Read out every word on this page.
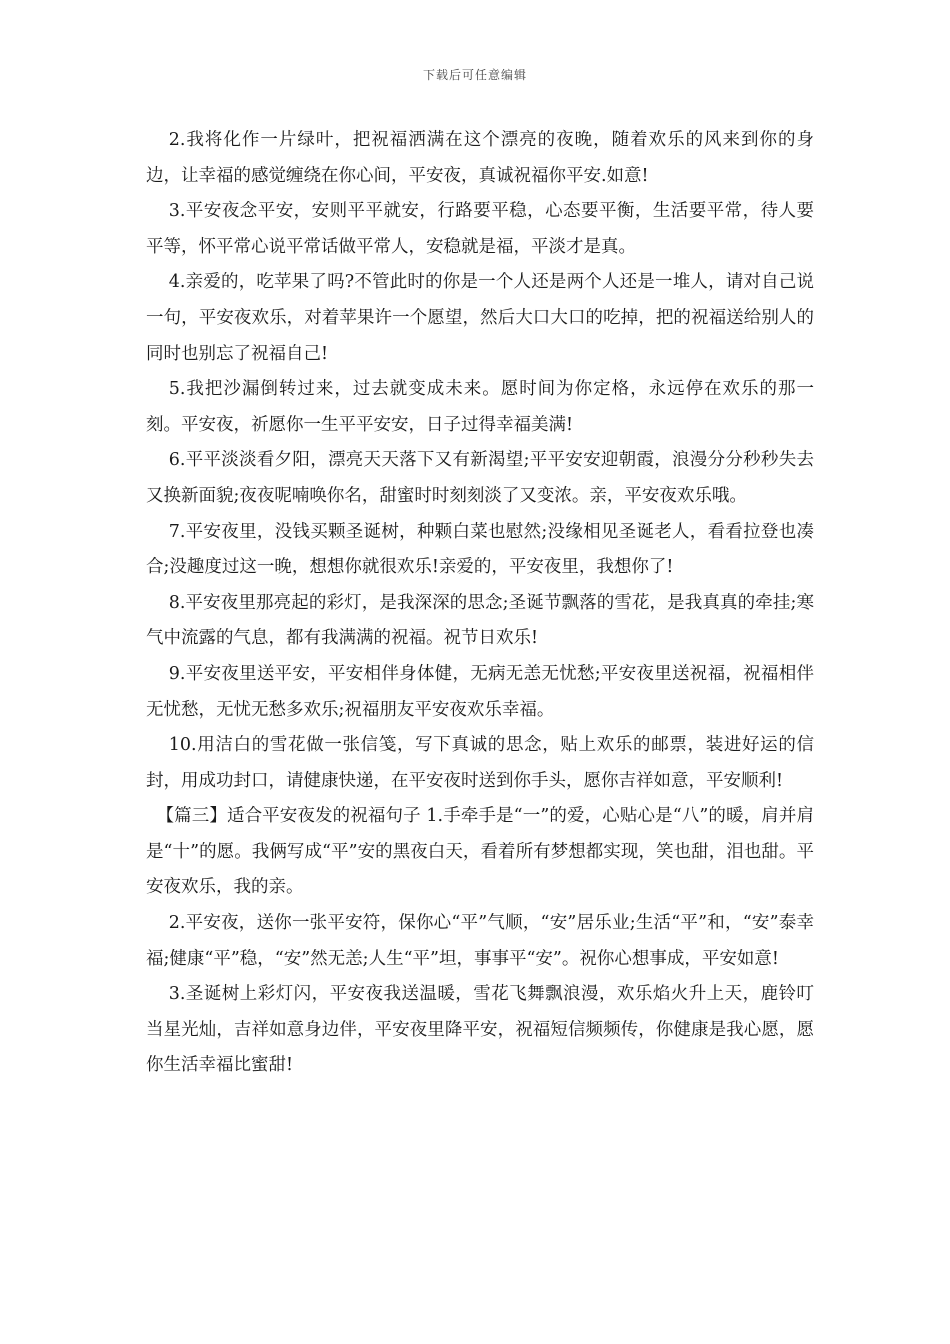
下载后可任意编辑

2.我将化作一片绿叶，把祝福洒满在这个漂亮的夜晚，随着欢乐的风来到你的身边，让幸福的感觉缠绕在你心间，平安夜，真诚祝福你平安.如意!

3.平安夜念平安，安则平平就安，行路要平稳，心态要平衡，生活要平常，待人要平等，怀平常心说平常话做平常人，安稳就是福，平淡才是真。

4.亲爱的，吃苹果了吗?不管此时的你是一个人还是两个人还是一堆人，请对自己说一句，平安夜欢乐，对着苹果许一个愿望，然后大口大口的吃掉，把的祝福送给别人的同时也别忘了祝福自己!

5.我把沙漏倒转过来，过去就变成未来。愿时间为你定格，永远停在欢乐的那一刻。平安夜，祈愿你一生平平安安，日子过得幸福美满!

6.平平淡淡看夕阳，漂亮天天落下又有新渴望;平平安安迎朝霞，浪漫分分秒秒失去又换新面貌;夜夜呢喃唤你名，甜蜜时时刻刻淡了又变浓。亲，平安夜欢乐哦。

7.平安夜里，没钱买颗圣诞树，种颗白菜也慰然;没缘相见圣诞老人，看看拉登也凑合;没趣度过这一晚，想想你就很欢乐!亲爱的，平安夜里，我想你了!

8.平安夜里那亮起的彩灯，是我深深的思念;圣诞节飘落的雪花，是我真真的牵挂;寒气中流露的气息，都有我满满的祝福。祝节日欢乐!

9.平安夜里送平安，平安相伴身体健，无病无恙无忧愁;平安夜里送祝福，祝福相伴无忧愁，无忧无愁多欢乐;祝福朋友平安夜欢乐幸福。

10.用洁白的雪花做一张信笺，写下真诚的思念，贴上欢乐的邮票，装进好运的信封，用成功封口，请健康快递，在平安夜时送到你手头，愿你吉祥如意，平安顺利!

【篇三】适合平安夜发的祝福句子 1.手牵手是“一”的爱，心贴心是“八”的暖，肩并肩是“十”的愿。我俩写成“平”安的黑夜白天，看着所有梦想都实现，笑也甜，泪也甜。平安夜欢乐，我的亲。

2.平安夜，送你一张平安符，保你心“平”气顺，“安”居乐业;生活“平”和，“安”泰幸福;健康“平”稳，“安”然无恙;人生“平”坦，事事平“安”。祝你心想事成，平安如意!

3.圣诞树上彩灯闪，平安夜我送温暖，雪花飞舞飘浪漫，欢乐焰火升上天，鹿铃叮当星光灿，吉祥如意身边伴，平安夜里降平安，祝福短信频频传，你健康是我心愿，愿你生活幸福比蜜甜!
